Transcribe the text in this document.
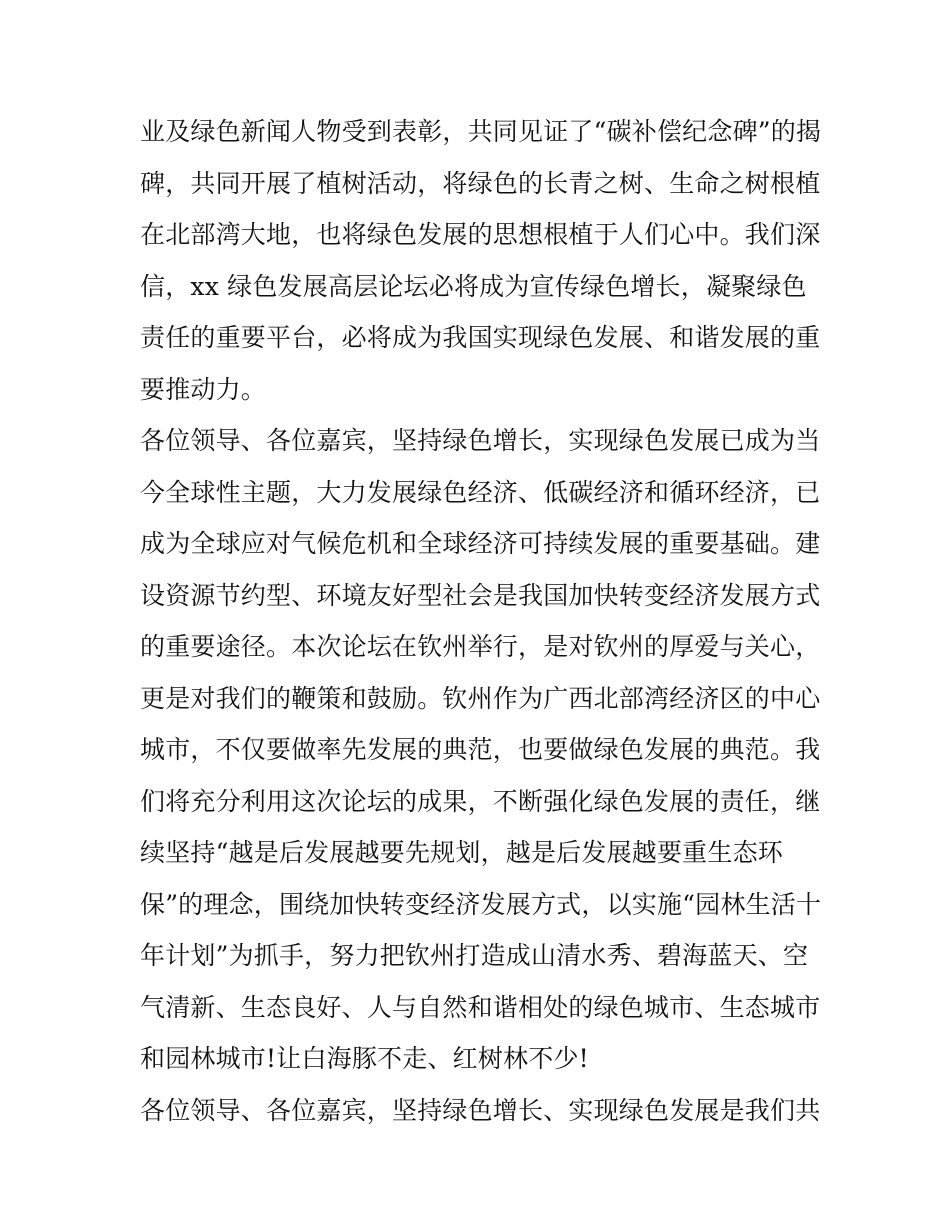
业及绿色新闻人物受到表彰，共同见证了“碳补偿纪念碑”的揭
碑，共同开展了植树活动，将绿色的长青之树、生命之树根植
在北部湾大地，也将绿色发展的思想根植于人们心中。我们深
信，xx 绿色发展高层论坛必将成为宣传绿色增长，凝聚绿色
责任的重要平台，必将成为我国实现绿色发展、和谐发展的重
要推动力。
各位领导、各位嘉宾，坚持绿色增长，实现绿色发展已成为当
今全球性主题，大力发展绿色经济、低碳经济和循环经济，已
成为全球应对气候危机和全球经济可持续发展的重要基础。建
设资源节约型、环境友好型社会是我国加快转变经济发展方式
的重要途径。本次论坛在钦州举行，是对钦州的厚爱与关心，
更是对我们的鞭策和鼓励。钦州作为广西北部湾经济区的中心
城市，不仅要做率先发展的典范，也要做绿色发展的典范。我
们将充分利用这次论坛的成果，不断强化绿色发展的责任，继
续坚持“越是后发展越要先规划，越是后发展越要重生态环
保”的理念，围绕加快转变经济发展方式，以实施“园林生活十
年计划”为抓手，努力把钦州打造成山清水秀、碧海蓝天、空
气清新、生态良好、人与自然和谐相处的绿色城市、生态城市
和园林城市!让白海豚不走、红树林不少!
各位领导、各位嘉宾，坚持绿色增长、实现绿色发展是我们共
